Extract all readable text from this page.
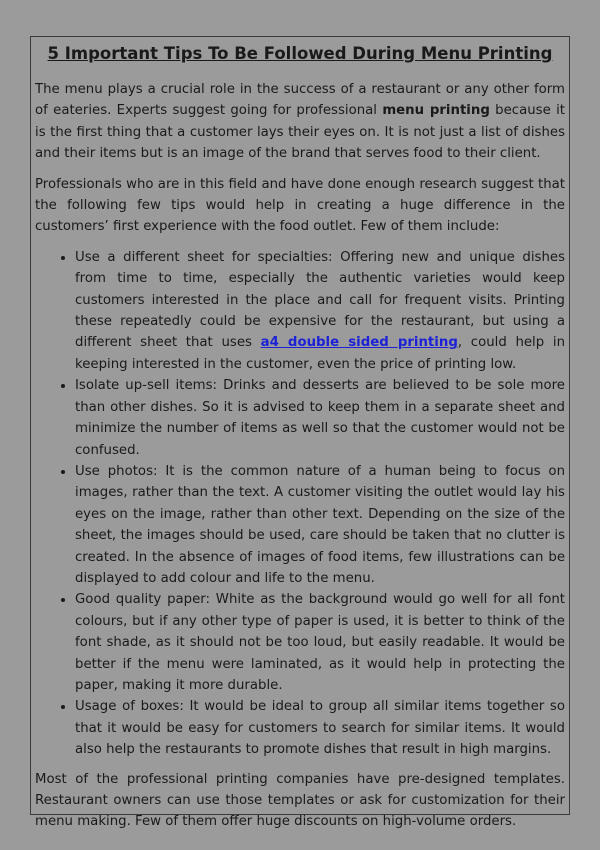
5 Important Tips To Be Followed During Menu Printing

The menu plays a crucial role in the success of a restaurant or any other form of eateries. Experts suggest going for professional menu printing because it is the first thing that a customer lays their eyes on. It is not just a list of dishes and their items but is an image of the brand that serves food to their client.

Professionals who are in this field and have done enough research suggest that the following few tips would help in creating a huge difference in the customers’ first experience with the food outlet. Few of them include:

• Use a different sheet for specialties: Offering new and unique dishes from time to time, especially the authentic varieties would keep customers interested in the place and call for frequent visits. Printing these repeatedly could be expensive for the restaurant, but using a different sheet that uses a4 double sided printing, could help in keeping interested in the customer, even the price of printing low.
• Isolate up-sell items: Drinks and desserts are believed to be sole more than other dishes. So it is advised to keep them in a separate sheet and minimize the number of items as well so that the customer would not be confused.
• Use photos: It is the common nature of a human being to focus on images, rather than the text. A customer visiting the outlet would lay his eyes on the image, rather than other text. Depending on the size of the sheet, the images should be used, care should be taken that no clutter is created. In the absence of images of food items, few illustrations can be displayed to add colour and life to the menu.
• Good quality paper: White as the background would go well for all font colours, but if any other type of paper is used, it is better to think of the font shade, as it should not be too loud, but easily readable. It would be better if the menu were laminated, as it would help in protecting the paper, making it more durable.
• Usage of boxes: It would be ideal to group all similar items together so that it would be easy for customers to search for similar items. It would also help the restaurants to promote dishes that result in high margins.

Most of the professional printing companies have pre-designed templates. Restaurant owners can use those templates or ask for customization for their menu making. Few of them offer huge discounts on high-volume orders.
